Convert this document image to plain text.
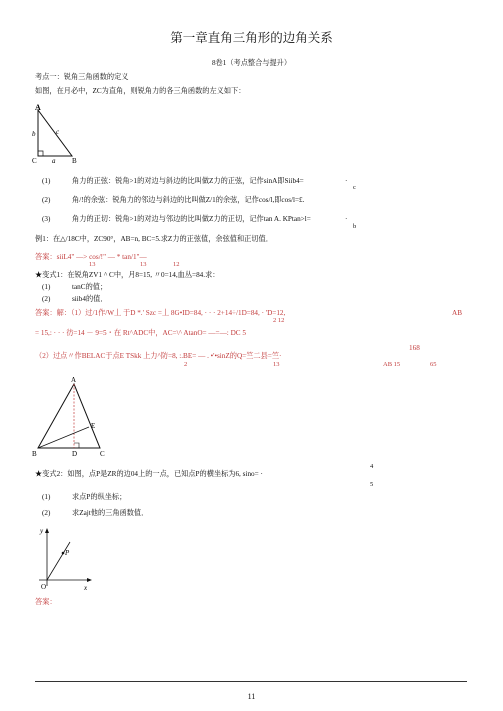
第一章直角三角形的边角关系
8卷1（考点整合与提升）
考点一：锐角三角函数的定义
如图，在月必中，ZC为直角，则锐角力的各三角函数的左义如下：
A
C	B
b	c
a
(1)	角力的正弦：锐角>1的对边与斜边的比叫做Z力的正弦，记作sinA即Siib4=	·
c
(2)	角/!的余弦：锐角力的邻边与斜边的比叫做Z/1的余弦，记作cos/l,即cos/l=£.
(3)	角力的正切：锐角>1的对边与邻边的比叫做Z力的正切，记作tan A. KPtan>l=	·
b
例1：在△/18C中，ZC90°，AB=n, BC=5.求Z力的正弦值，余弦值和正切值．
答案：siiL4" —> cos/!" — * tan/1"—
13	13	12
★变式1：在锐角ZV1 ^ C中，月8=15, 〃0=14,血丛=84.求：
(1)	tanC的值；
(2)	siib4的值．
答案：解：（1）过/1作/W丄 于D *.' Szc =丄 8G•ID=84, · · · 2+14÷/1D=84, · 'D=12,	AB
2 12
= 15,: · · · 彷=14 － 9=5・在 Rt^ADC中，AC=\^ AtanO= —=—: DC 5
168
（2）过点〃作BELAC于点E TSkk 上力^防=8, :.BE= — . •'•sinZ的Q=竺二县=竺·
2	13	AB 15	65
A
B	C
D
E
4
★变式2：如图，点P是ZR的边04上的一点，已知点P的横坐标为6, sino= ·
5
(1)	求点P的纵坐标；
(2)	求Zajt他的三角函数值．
y
P
O	x
答案：
11
